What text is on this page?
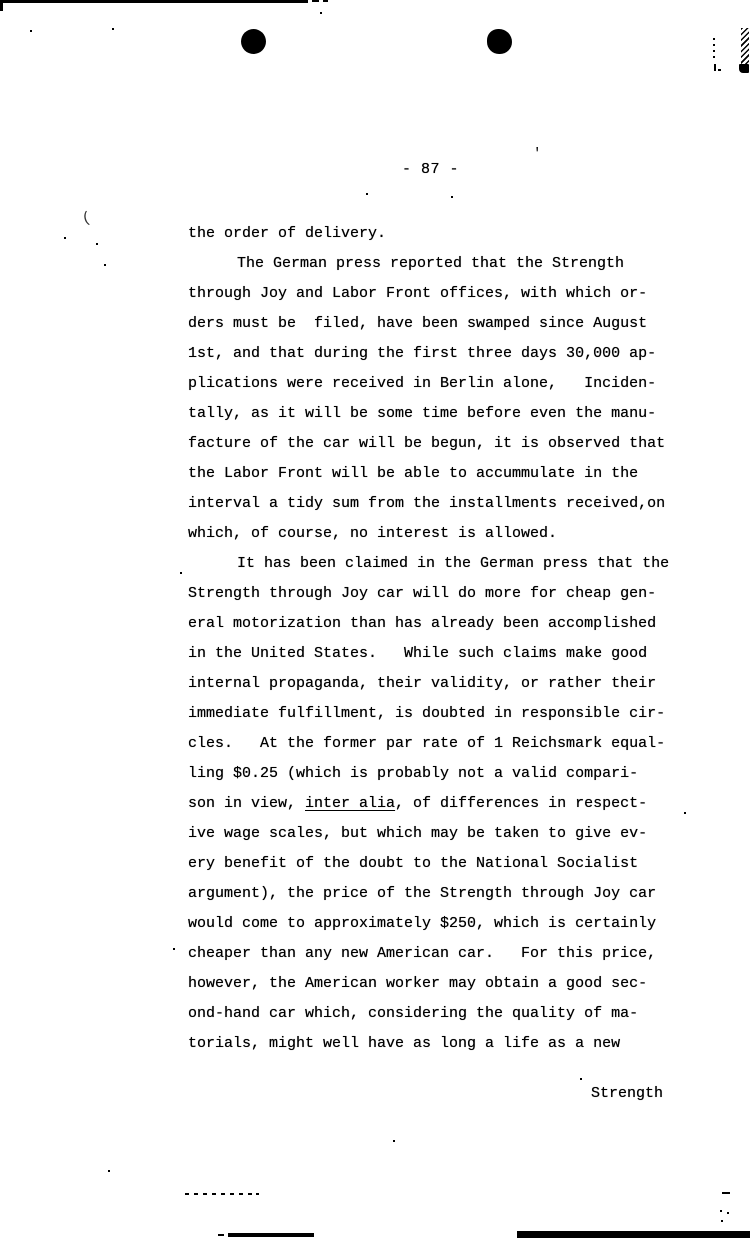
'
- 87 -
(
the order of delivery.
The German press reported that the Strength
through Joy and Labor Front offices, with which or-
ders must be  filed, have been swamped since August
1st, and that during the first three days 30,000 ap-
plications were received in Berlin alone,   Inciden-
tally, as it will be some time before even the manu-
facture of the car will be begun, it is observed that
the Labor Front will be able to accummulate in the
interval a tidy sum from the installments received,on
which, of course, no interest is allowed.
It has been claimed in the German press that the
Strength through Joy car will do more for cheap gen-
eral motorization than has already been accomplished
in the United States.   While such claims make good
internal propaganda, their validity, or rather their
immediate fulfillment, is doubted in responsible cir-
cles.   At the former par rate of 1 Reichsmark equal-
ling $0.25 (which is probably not a valid compari-
son in view, inter alia, of differences in respect-
ive wage scales, but which may be taken to give ev-
ery benefit of the doubt to the National Socialist
argument), the price of the Strength through Joy car
would come to approximately $250, which is certainly
cheaper than any new American car.   For this price,
however, the American worker may obtain a good sec-
ond-hand car which, considering the quality of ma-
torials, might well have as long a life as a new
Strength
